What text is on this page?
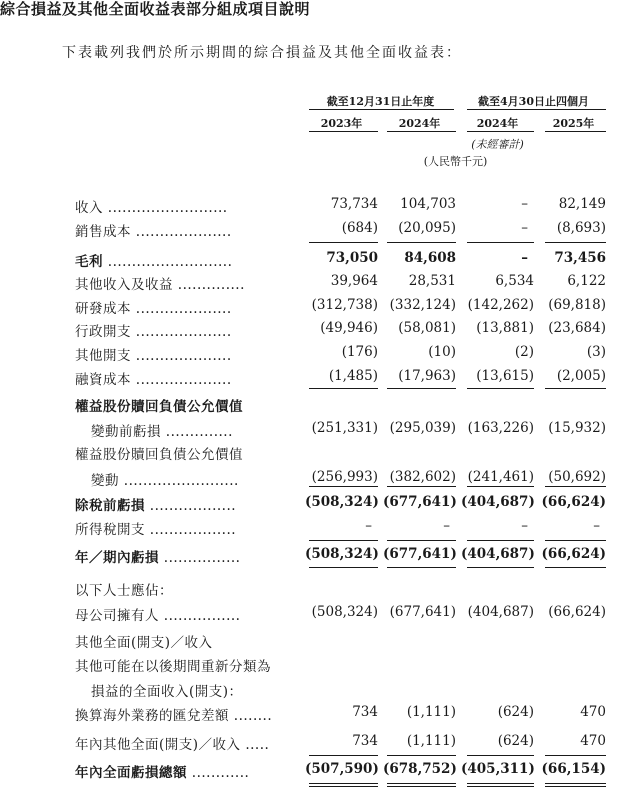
綜合損益及其他全面收益表部分組成項目說明
下表載列我們於所示期間的綜合損益及其他全面收益表：
截至12月31日止年度	截至4月30日止四個月
2023年	2024年	2024年	2025年
(未經審計)
(人民幣千元)
收入 .........................	73,734	104,703	–	82,149
銷售成本 ....................	(684)	(20,095)	–	(8,693)
毛利 ..........................	73,050	84,608	–	73,456
其他收入及收益 ..............	39,964	28,531	6,534	6,122
研發成本 ....................	(312,738) (332,124) (142,262)	(69,818)
行政開支 ....................	(49,946)	(58,081)	(13,881)	(23,684)
其他開支 ....................	(176)	(10)	(2)	(3)
融資成本 ....................	(1,485)	(17,963)	(13,615)	(2,005)
權益股份贖回負債公允價值
變動前虧損 ..............	(251,331) (295,039) (163,226)	(15,932)
權益股份贖回負債公允價值
變動 ........................	(256,993) (382,602) (241,461)	(50,692)
除稅前虧損 ..................	(508,324) (677,641) (404,687) (66,624)
所得稅開支 ..................	–	–	–	–
年／期內虧損 ................	(508,324) (677,641) (404,687) (66,624)
以下人士應佔：
母公司擁有人 ................	(508,324) (677,641) (404,687)	(66,624)
其他全面(開支)／收入
其他可能在以後期間重新分類為
損益的全面收入(開支)：
換算海外業務的匯兌差額 ........	734	(1,111)	(624)	470
年內其他全面(開支)／收入 .....	734	(1,111)	(624)	470
年內全面虧損總額 ............	(507,590) (678,752) (405,311) (66,154)
